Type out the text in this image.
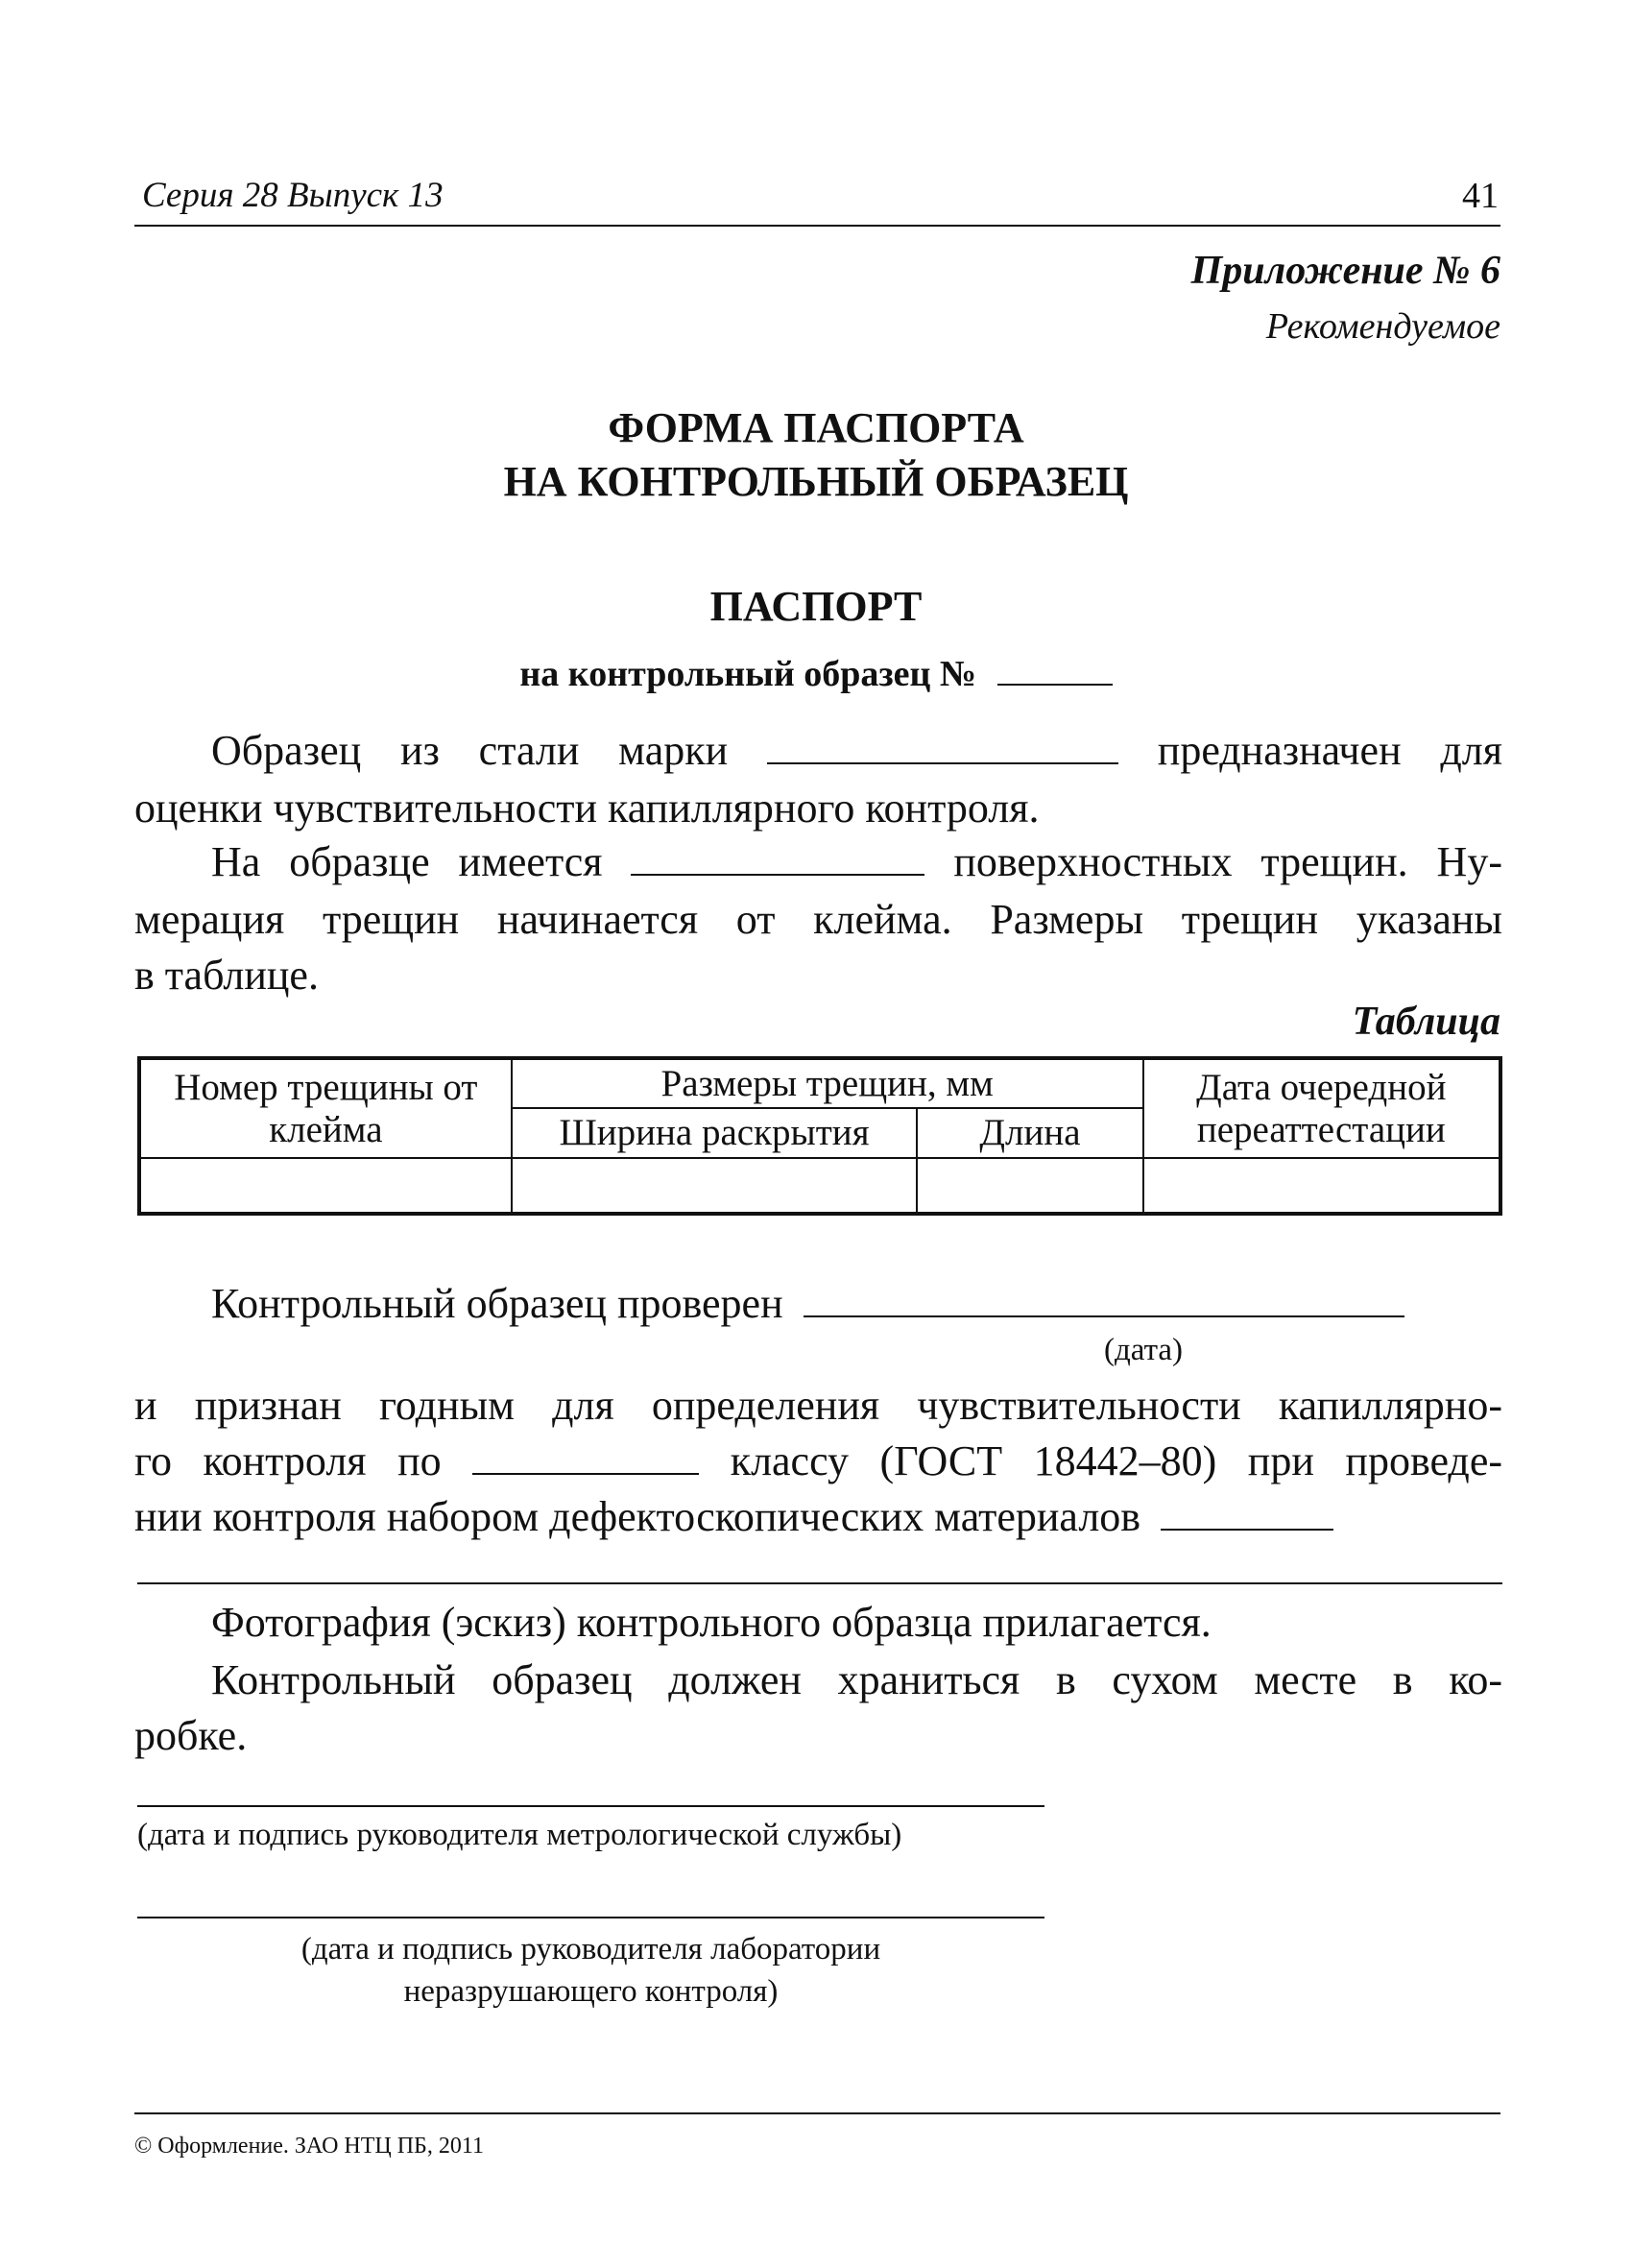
Серия 28 Выпуск 13	41
Приложение № 6
Рекомендуемое
ФОРМА ПАСПОРТА
НА КОНТРОЛЬНЫЙ ОБРАЗЕЦ
ПАСПОРТ
на контрольный образец №
Образец из стали марки	предназначен для
оценки чувствительности капиллярного контроля.
На образце имеется	поверхностных трещин. Ну-
мерация трещин начинается от клейма. Размеры трещин указаны
в таблице.
Таблица
Номер трещины от клейма	Размеры трещин, мм		Дата очередной переаттестации
	Ширина раскрытия	Длина	

Контрольный образец проверен
(дата)
и признан годным для определения чувствительности капиллярно-
го контроля по	классу (ГОСТ 18442–80) при проведе-
нии контроля набором дефектоскопических материалов
Фотография (эскиз) контрольного образца прилагается.
Контрольный образец должен храниться в сухом месте в ко-
робке.
(дата и подпись руководителя метрологической службы)
(дата и подпись руководителя лаборатории
неразрушающего контроля)
© Оформление. ЗАО НТЦ ПБ, 2011
